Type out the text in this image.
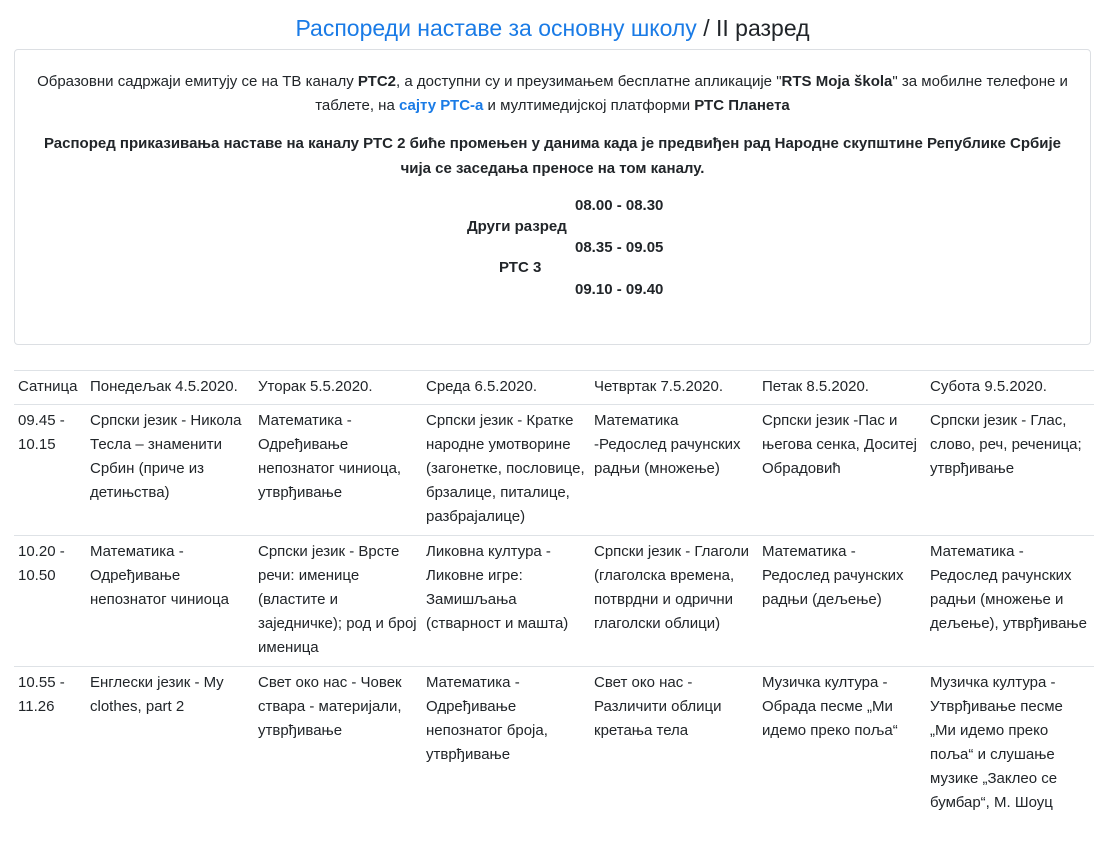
Распореди наставе за основну школу / II разред

Образовни садржаји емитују се на ТВ каналу РТС2, а доступни су и преузимањем бесплатне апликације "RTS Moja škola" за мобилне телефоне и таблете, на сајту РТС-а и мултимедијској платформи РТС Планета

Распоред приказивања наставе на каналу РТС 2 биће промењен у данима када је предвиђен рад Народне скупштине Републике Србије чија се заседања преносе на том каналу.

08.00 - 08.30
Други разред
08.35 - 09.05
РТС 3
09.10 - 09.40
Сатница	Понедељак 4.5.2020.	Уторак 5.5.2020.	Среда 6.5.2020.	Четвртак 7.5.2020.	Петак 8.5.2020.	Субота 9.5.2020.
09.45 - 10.15	Српски језик - Никола Тесла – знаменити Србин (приче из детињства)	Математика - Одређивање непознатог чиниоца, утврђивање	Српски језик - Кратке народне умотворине (загонетке, пословице, брзалице, питалице, разбрајалице)	Математика -Редослед рачунских радњи (множење)	Српски језик -Пас и његова сенка, Доситеј Обрадовић	Српски језик - Глас, слово, реч, реченица; утврђивање
10.20 - 10.50	Математика - Одређивање непознатог чиниоца	Српски језик - Врсте речи: именице (властите и заједничке); род и број именица	Ликовна култура - Ликовне игре: Замишљања (стварност и машта)	Српски језик - Глаголи (глаголска времена, потврдни и одрични глаголски облици)	Математика - Редослед рачунских радњи (дељење)	Математика - Редослед рачунских радњи (множење и дељење), утврђивање
10.55 - 11.26	Енглески језик - My clothes, part 2	Свет око нас - Човек ствара - материјали, утврђивање	Математика - Одређивање непознатог броја, утврђивање	Свет око нас - Различити облици кретања тела	Музичка култура - Обрада песме „Ми идемо преко поља“	Музичка култура - Утврђивање песме „Ми идемо преко поља“ и слушање музике „Заклео се бумбар“, М. Шоуц
